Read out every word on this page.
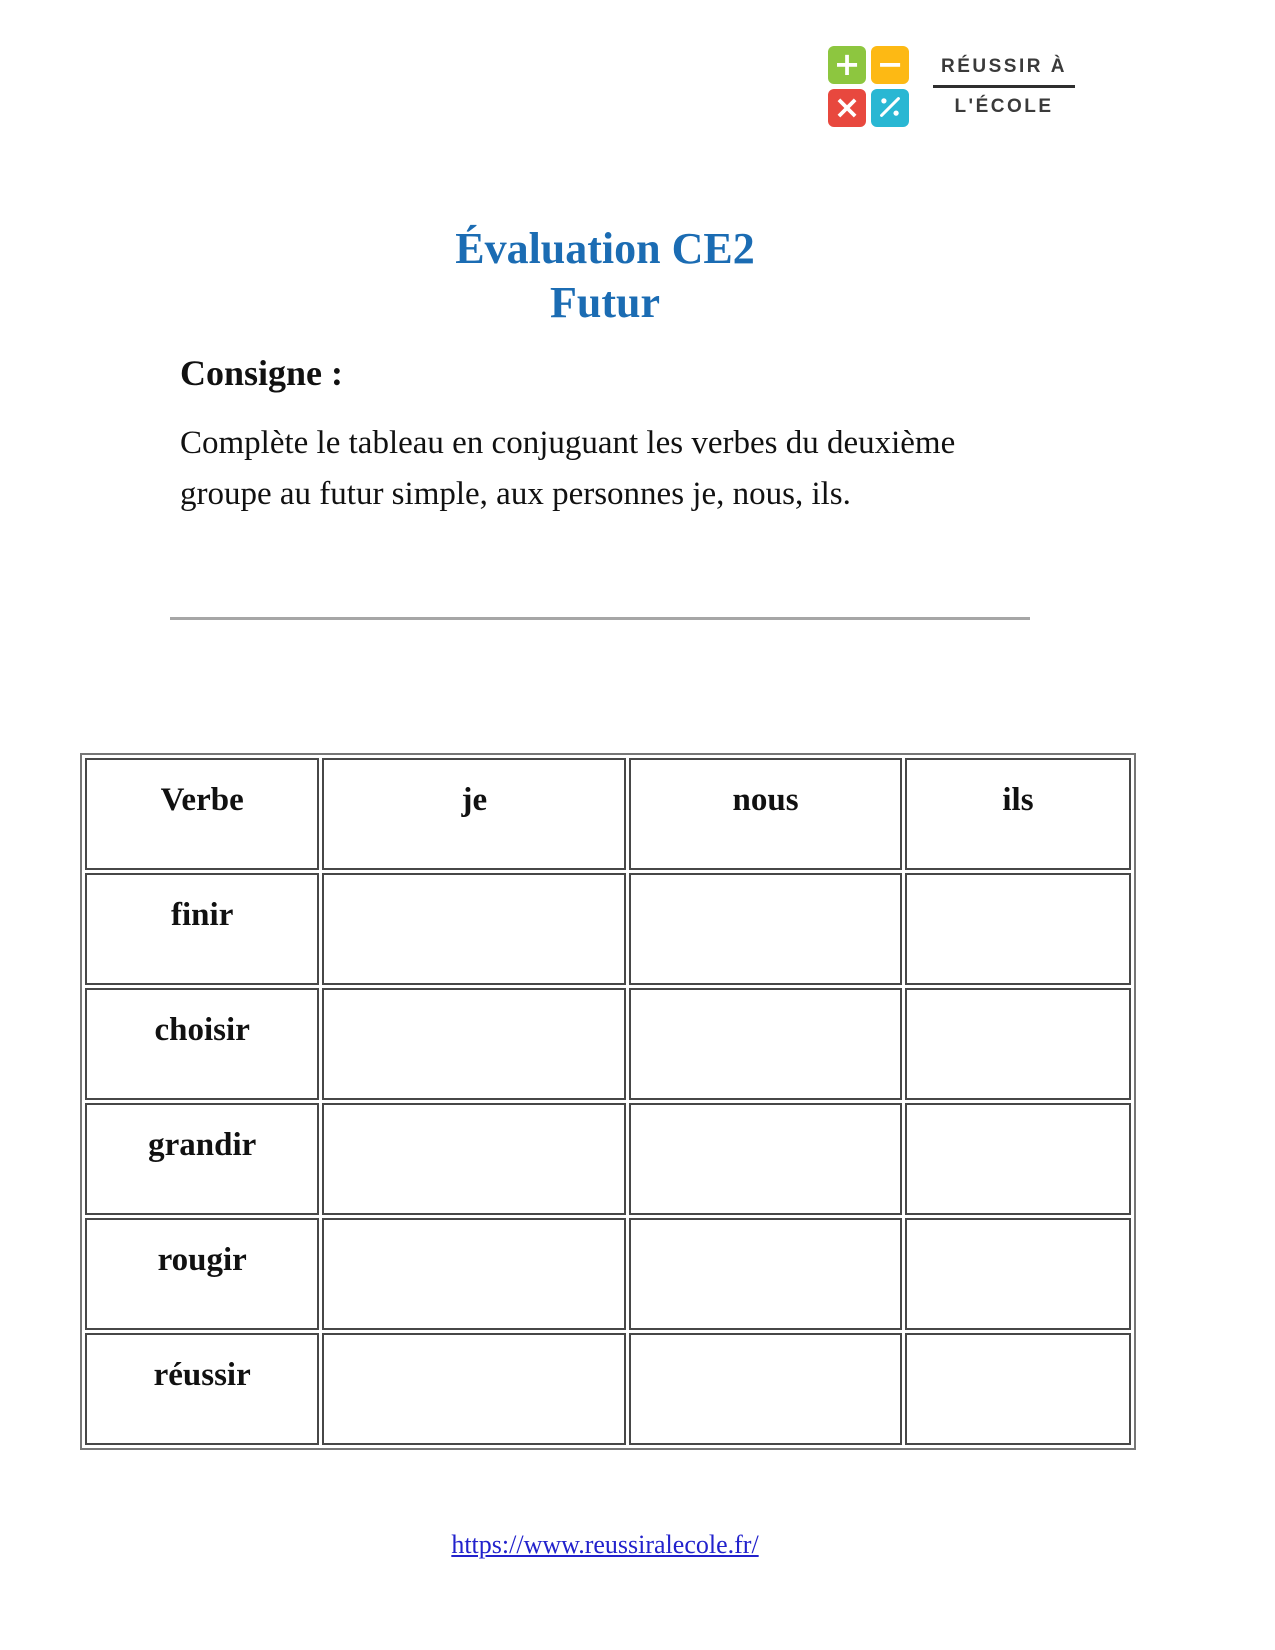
+ −
×
RÉUSSIR À
L'ÉCOLE
Évaluation CE2
Futur
Consigne :
Complète le tableau en conjuguant les verbes du deuxième groupe au futur simple, aux personnes je, nous, ils.
Verbe	je	nous	ils
finir			
choisir			
grandir			
rougir			
réussir			
https://www.reussiralecole.fr/
